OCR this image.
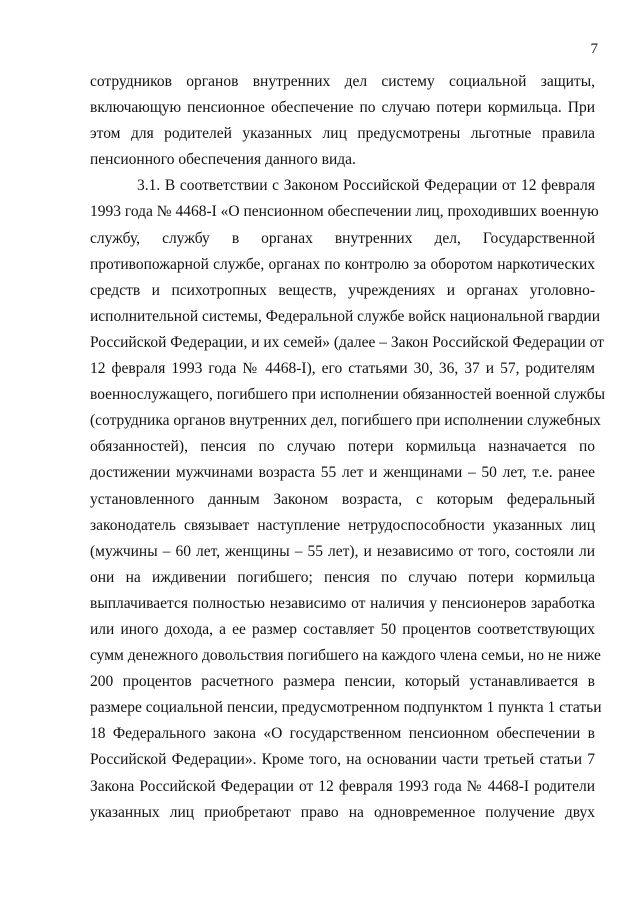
7
сотрудников органов внутренних дел систему социальной защиты,
включающую пенсионное обеспечение по случаю потери кормильца. При
этом для родителей указанных лиц предусмотрены льготные правила
пенсионного обеспечения данного вида.
3.1. В соответствии с Законом Российской Федерации от 12 февраля
1993 года № 4468-I «О пенсионном обеспечении лиц, проходивших военную
службу, службу в органах внутренних дел, Государственной
противопожарной службе, органах по контролю за оборотом наркотических
средств и психотропных веществ, учреждениях и органах уголовно-
исполнительной системы, Федеральной службе войск национальной гвардии
Российской Федерации, и их семей» (далее – Закон Российской Федерации от
12 февраля 1993 года № 4468-I), его статьями 30, 36, 37 и 57, родителям
военнослужащего, погибшего при исполнении обязанностей военной службы
(сотрудника органов внутренних дел, погибшего при исполнении служебных
обязанностей), пенсия по случаю потери кормильца назначается по
достижении мужчинами возраста 55 лет и женщинами – 50 лет, т.е. ранее
установленного данным Законом возраста, с которым федеральный
законодатель связывает наступление нетрудоспособности указанных лиц
(мужчины – 60 лет, женщины – 55 лет), и независимо от того, состояли ли
они на иждивении погибшего; пенсия по случаю потери кормильца
выплачивается полностью независимо от наличия у пенсионеров заработка
или иного дохода, а ее размер составляет 50 процентов соответствующих
сумм денежного довольствия погибшего на каждого члена семьи, но не ниже
200 процентов расчетного размера пенсии, который устанавливается в
размере социальной пенсии, предусмотренном подпунктом 1 пункта 1 статьи
18 Федерального закона «О государственном пенсионном обеспечении в
Российской Федерации». Кроме того, на основании части третьей статьи 7
Закона Российской Федерации от 12 февраля 1993 года № 4468-I родители
указанных лиц приобретают право на одновременное получение двух
